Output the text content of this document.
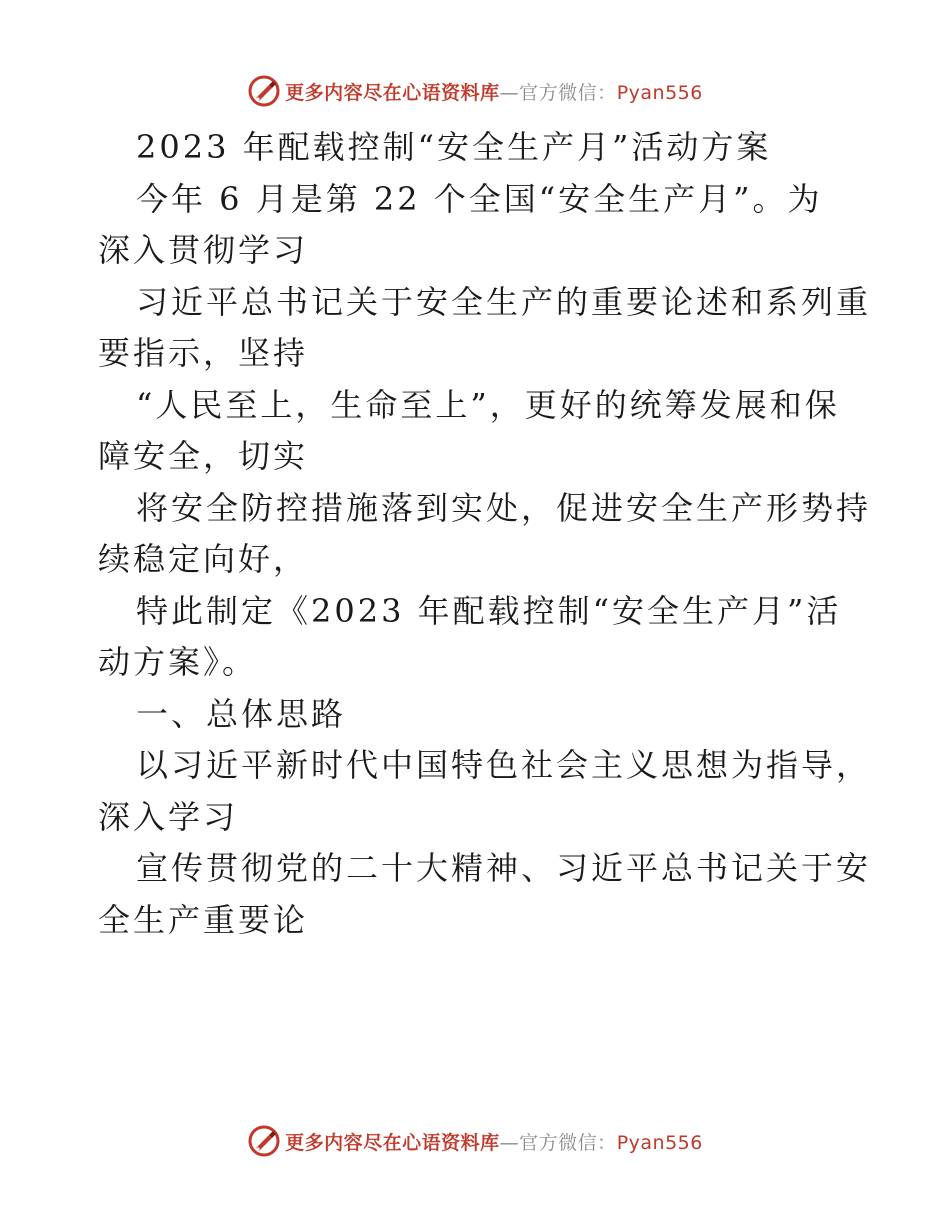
更多内容尽在心语资料库—官方微信：Pyan556
2023 年配载控制“安全生产月”活动方案
今年 6 月是第 22 个全国“安全生产月”。为
深入贯彻学习
习近平总书记关于安全生产的重要论述和系列重
要指示，坚持
“人民至上，生命至上”，更好的统筹发展和保
障安全，切实
将安全防控措施落到实处，促进安全生产形势持
续稳定向好，
特此制定《2023 年配载控制“安全生产月”活
动方案》。
一、总体思路
以习近平新时代中国特色社会主义思想为指导，
深入学习
宣传贯彻党的二十大精神、习近平总书记关于安
全生产重要论
更多内容尽在心语资料库—官方微信：Pyan556
